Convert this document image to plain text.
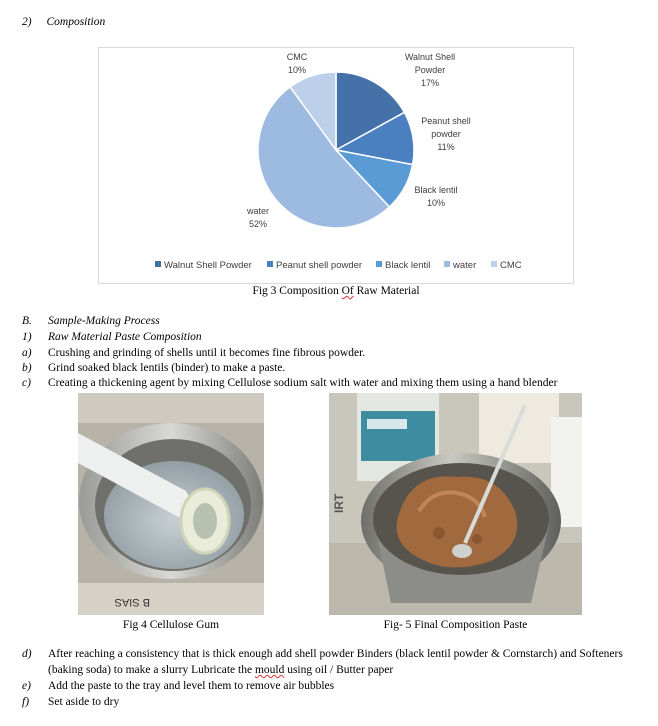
2) Composition
Walnut Shell
Powder
17%
Peanut shell
powder
11%
Black lentil
10%
water
52%
CMC
10%
Walnut Shell Powder	Peanut shell powder Black lentil water	CMC
Fig 3 Composition Of Raw Material
B. Sample-Making Process
1) Raw Material Paste Composition
a) Crushing and grinding of shells until it becomes fine fibrous powder.
b) Grind soaked black lentils (binder) to make a paste.
c) Creating a thickening agent by mixing Cellulose sodium salt with water and mixing them using a hand blender
B SIAS
IRT
Fig 4 Cellulose Gum	Fig- 5 Final Composition Paste
d) After reaching a consistency that is thick enough add shell powder Binders (black lentil powder & Cornstarch) and Softeners
(baking soda) to make a slurry Lubricate the mould using oil / Butter paper
e) Add the paste to the tray and level them to remove air bubbles
f) Set aside to dry
